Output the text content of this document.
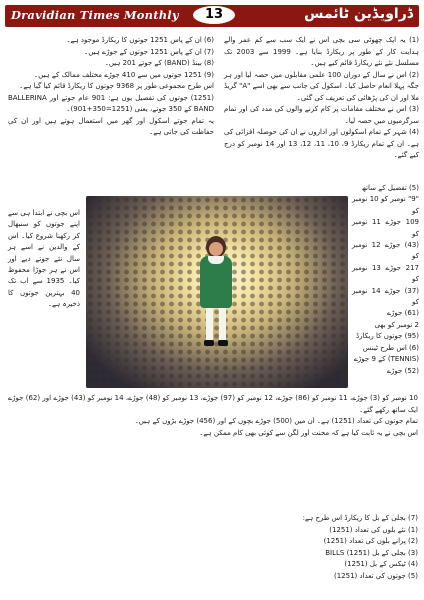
Dravidian Times Monthly	13	ڈراویڈین ٹائمس
(1) یہ ایک چھوٹی سی بچی اس نے ایک سب سے کم عمر والے ہدایت کار کے طور پر ریکارڈ بنایا ہے۔ 1999 سے 2003 تک مسلسل نئے نئے ریکارڈ قائم کیے ہیں۔
(2) اس نے سال کے دوران 100 علمی مقابلوں میں حصہ لیا اور ہر جگہ پہلا انعام حاصل کیا۔ اسکول کی جانب سے بھی اسے "A" گریڈ ملا اور ان کی پڑھائی کی تعریف کی گئی۔
(3) اس نے مختلف مقامات پر کام کرنے والوں کی مدد کی اور تمام سرگرمیوں میں حصہ لیا۔
(4) شہر کے تمام اسکولوں اور اداروں نے ان کی حوصلہ افزائی کی ہے۔ ان کے تمام ریکارڈ 9، 10، 11، 12، 13 اور 14 نومبر کو درج کیے گئے۔
(6) ان کے پاس 1251 جوتوں کا ریکارڈ موجود ہے۔
(7) ان کے پاس 1251 جوتوں کے جوڑے ہیں۔
(8) بینڈ (BAND) کے جوتے 201 ہیں۔
(9) 1251 جوتوں میں سے 410 جوڑے مختلف ممالک کے ہیں۔
اس طرح مجموعی طور پر 9368 جوتوں کا ریکارڈ قائم کیا گیا ہے۔
(1251) جوتوں کی تفصیل یوں ہے: 901 عام جوتے اور BALLERINA BAND کے 350 جوتے، یعنی (1251=350+901)۔
یہ تمام جوتے اسکول اور گھر میں استعمال ہوتے ہیں اور ان کی حفاظت کی جاتی ہے۔
اس بچی نے ابتدا ہی سے اپنے جوتوں کو سنبھال کر رکھنا شروع کیا۔ اس کے والدین نے اسے ہر سال نئے جوتے دیے اور اس نے ہر جوڑا محفوظ کیا۔ 1935 سے اب تک 40 بہترین جوتوں کا ذخیرہ ہے۔
(5) تفصیل کے ساتھ
"9" نومبر کو 10 نومبر کو
109 جوڑے 11 نومبر کو
(43) جوڑے 12 نومبر کو
217 جوڑے 13 نومبر کو
(37) جوڑے 14 نومبر کو
(61) جوڑے
2 نومبر کو بھی
(95) جوتوں کا ریکارڈ
(6) اس طرح ٹینس
(TENNIS) کے 9 جوڑے
(52) جوڑے
10 نومبر کو (3) جوڑے، 11 نومبر کو (86) جوڑے، 12 نومبر کو (97) جوڑے، 13 نومبر کو (48) جوڑے، 14 نومبر کو (43) جوڑے اور (62) جوڑے ایک ساتھ رکھے گئے۔
تمام جوتوں کی تعداد (1251) ہے۔ ان میں (500) جوڑے بچوں کے اور (456) جوڑے بڑوں کے ہیں۔
اس بچی نے یہ ثابت کیا ہے کہ محنت اور لگن سے کوئی بھی کام ممکن ہے۔
(7) بجلی کے بل کا ریکارڈ اس طرح ہے:
(1) نئے بلوں کی تعداد (1251)
(2) پرانے بلوں کی تعداد (1251)
(3) بجلی کے بل BILLS (1251)
(4) ٹیکس کے بل (1251)
(5) جوتوں کی تعداد (1251)
